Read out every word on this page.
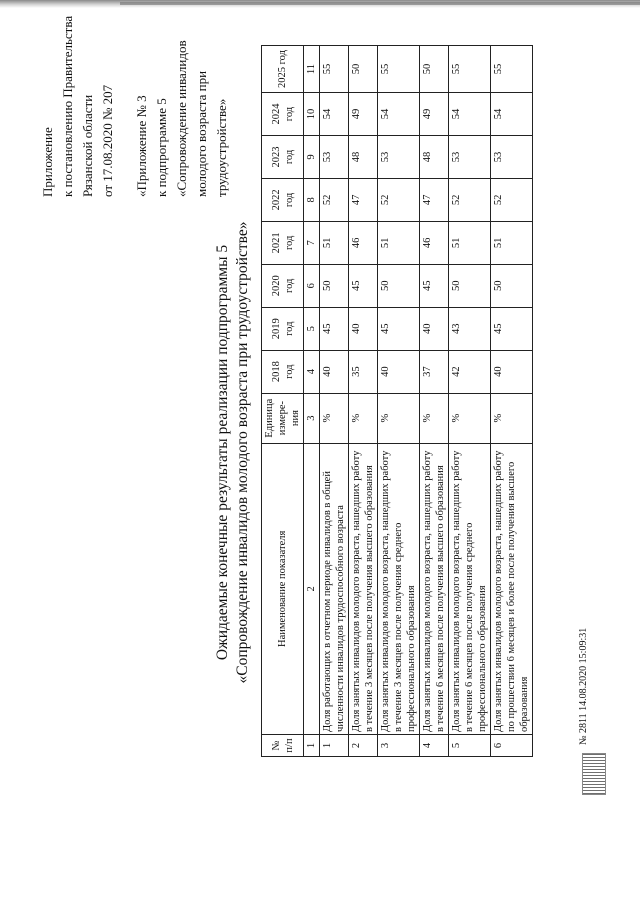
Приложение к постановлению Правительства Рязанской области от 17.08.2020 № 207 «Приложение № 3 к подпрограмме 5 «Сопровождение инвалидов молодого возраста при трудоустройстве»
Ожидаемые конечные результаты реализации подпрограммы 5 «Сопровождение инвалидов молодого возраста при трудоустройстве»
№ п/п	Наименование показателя	Единица измере-ния	2018 год	2019 год	2020 год	2021 год	2022 год	2023 год	2024 год	2025 год
1	2	3	4	5	6	7	8	9	10	11
1	Доля работающих в отчетном периоде инвалидов в общей численности инвалидов трудоспособного возраста	%	40	45	50	51	52	53	54	55
2	Доля занятых инвалидов молодого возраста, нашедших работу в течение 3 месяцев после получения высшего образования	%	35	40	45	46	47	48	49	50
3	Доля занятых инвалидов молодого возраста, нашедших работу в течение 3 месяцев после получения среднего профессионального образования	%	40	45	50	51	52	53	54	55
4	Доля занятых инвалидов молодого возраста, нашедших работу в течение 6 месяцев после получения высшего образования	%	37	40	45	46	47	48	49	50
5	Доля занятых инвалидов молодого возраста, нашедших работу в течение 6 месяцев после получения среднего профессионального образования	%	42	43	50	51	52	53	54	55
6	Доля занятых инвалидов молодого возраста, нашедших работу по прошествии 6 месяцев и более после получения высшего образования	%	40	45	50	51	52	53	54	55
№ 2811 14.08.2020 15:09:31
